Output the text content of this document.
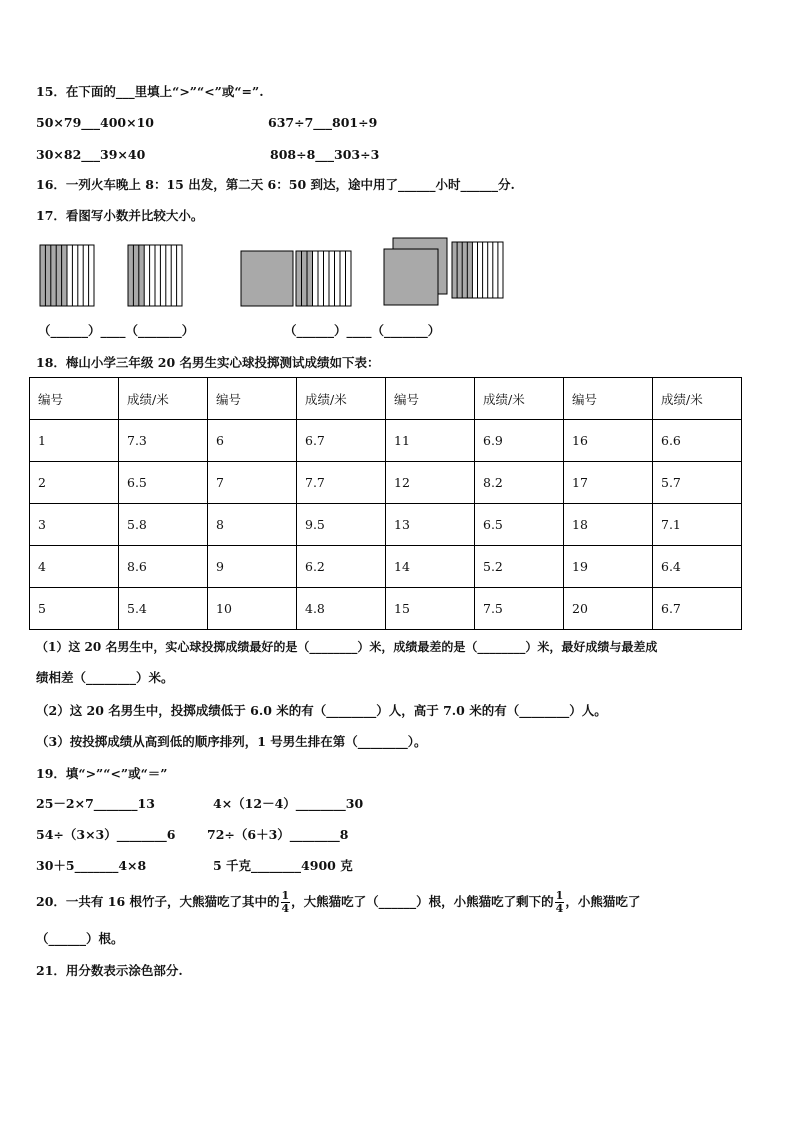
15．在下面的___里填上“>”“<”或“=”.
50×79___400×10	637÷7___801÷9
30×82___39×40	808÷8___303÷3
16．一列火车晚上 8：15 出发，第二天 6：50 到达，途中用了______小时______分.
17．看图写小数并比较大小。
（______）____（_______）	（______）____（_______）
18．梅山小学三年级 20 名男生实心球投掷测试成绩如下表：
编号	成绩/米	编号	成绩/米	编号	成绩/米	编号	成绩/米
1	7.3	6	6.7	11	6.9	16	6.6
2	6.5	7	7.7	12	8.2	17	5.7
3	5.8	8	9.5	13	6.5	18	7.1
4	8.6	9	6.2	14	5.2	19	6.4
5	5.4	10	4.8	15	7.5	20	6.7
（1）这 20 名男生中，实心球投掷成绩最好的是（________）米，成绩最差的是（________）米，最好成绩与最差成
绩相差（________）米。
（2）这 20 名男生中，投掷成绩低于 6.0 米的有（________）人，高于 7.0 米的有（________）人。
（3）按投掷成绩从高到低的顺序排列，1 号男生排在第（________）。
19．填“>”“<”或“＝”
25－2×7_______13	4×（12－4）________30
54÷（3×3）________6	72÷（6＋3）________8
30＋5_______4×8	5 千克________4900 克
20．一共有 16 根竹子，大熊猫吃了其中的 $\frac{1}{4}$ ，大熊猫吃了（______）根，小熊猫吃了剩下的 $\frac{1}{4}$ ，小熊猫吃了
（______）根。
21．用分数表示涂色部分.
